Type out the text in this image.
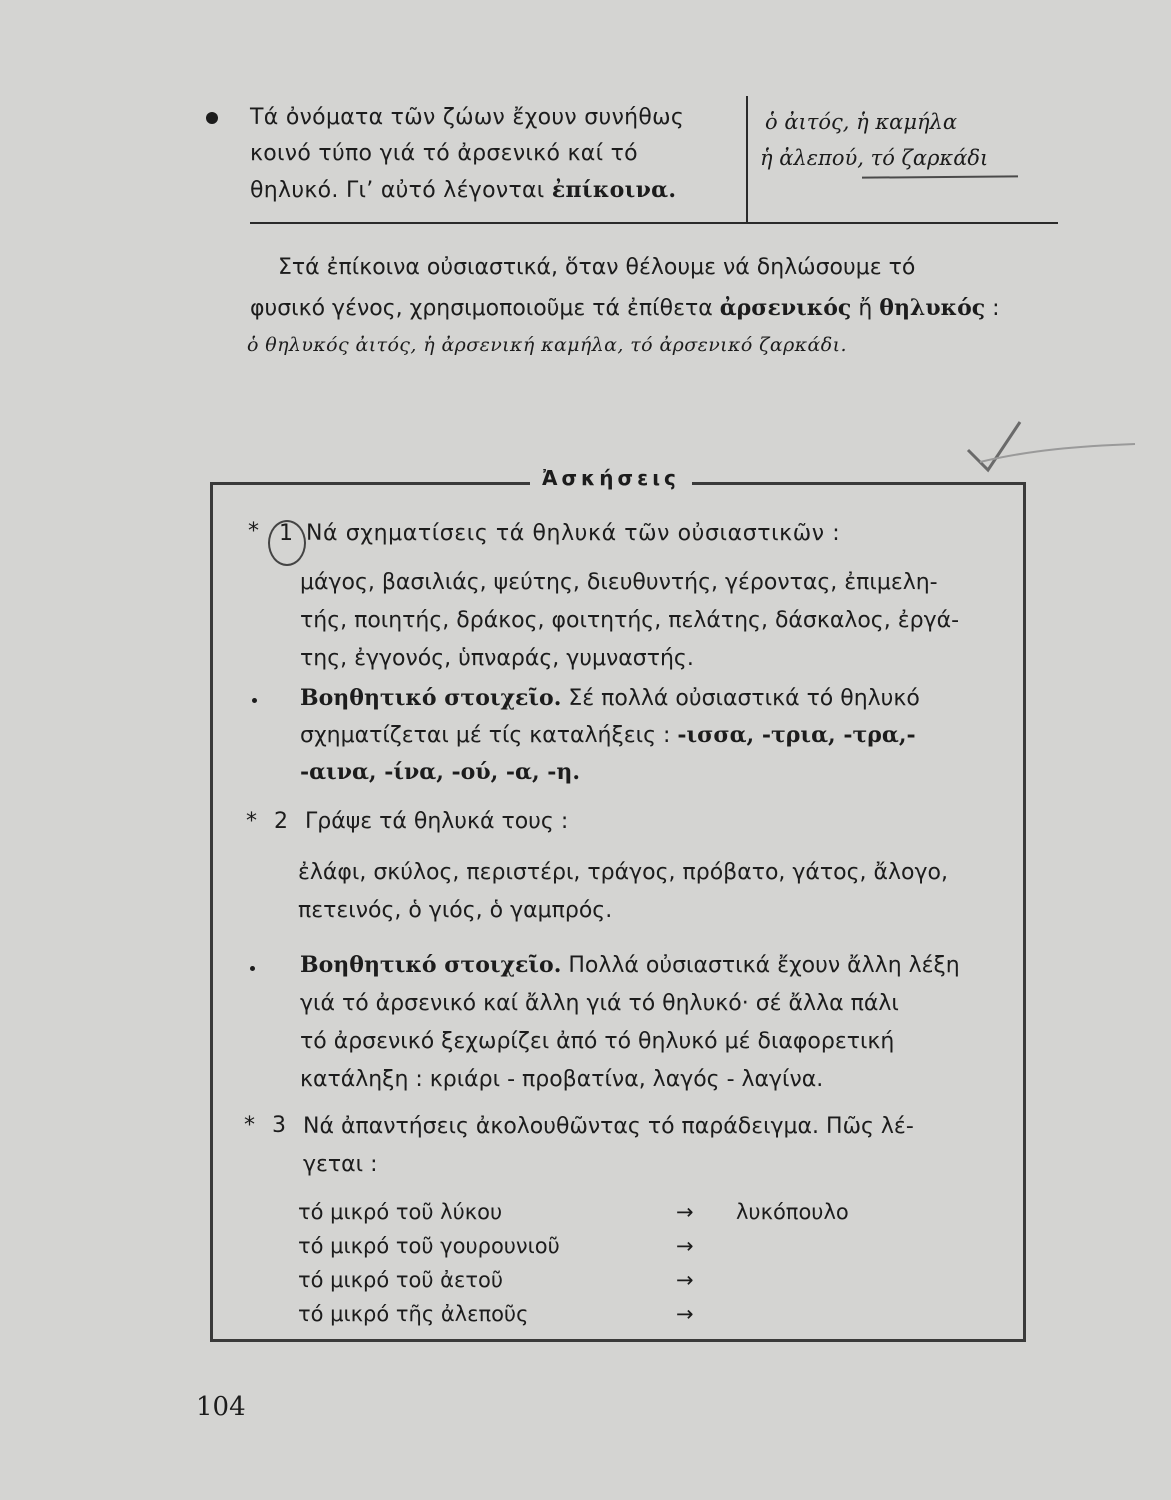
Τά ὀνόματα τῶν ζώων ἔχουν συνήθως
κοινό τύπο γιά τό ἀρσενικό καί τό
θηλυκό. Γι’ αὐτό λέγονται ἐπίκοινα.
ὁ ἀιτός, ἡ καμήλα
ἡ ἀλεπού, τό ζαρκάδι
Στά ἐπίκοινα οὐσιαστικά, ὅταν θέλουμε νά δηλώσουμε τό
φυσικό γένος, χρησιμοποιοῦμε τά ἐπίθετα ἀρσενικός ἤ θηλυκός :
ὁ θηλυκός ἀιτός, ἡ ἀρσενική καμήλα, τό ἀρσενικό ζαρκάδι.
Ἀσκήσεις
* 1 Νά σχηματίσεις τά θηλυκά τῶν οὐσιαστικῶν :
μάγος, βασιλιάς, ψεύτης, διευθυντής, γέροντας, ἐπιμελη-
τής, ποιητής, δράκος, φοιτητής, πελάτης, δάσκαλος, ἐργά-
της, ἐγγονός, ὑπναράς, γυμναστής.
Βοηθητικό στοιχεῖο. Σέ πολλά οὐσιαστικά τό θηλυκό
σχηματίζεται μέ τίς καταλήξεις : -ισσα, -τρια, -τρα,-
-αινα, -ίνα, -ού, -α, -η.
* 2 Γράψε τά θηλυκά τους :
ἐλάφι, σκύλος, περιστέρι, τράγος, πρόβατο, γάτος, ἄλογο,
πετεινός, ὁ γιός, ὁ γαμπρός.
Βοηθητικό στοιχεῖο. Πολλά οὐσιαστικά ἔχουν ἄλλη λέξη
γιά τό ἀρσενικό καί ἄλλη γιά τό θηλυκό· σέ ἄλλα πάλι
τό ἀρσενικό ξεχωρίζει ἀπό τό θηλυκό μέ διαφορετική
κατάληξη : κριάρι - προβατίνα, λαγός - λαγίνα.
* 3 Νά ἀπαντήσεις ἀκολουθῶντας τό παράδειγμα. Πῶς λέ-
γεται :
τό μικρό τοῦ λύκου	→ λυκόπουλο
τό μικρό τοῦ γουρουνιοῦ	→
τό μικρό τοῦ ἀετοῦ	→
τό μικρό τῆς ἀλεποῦς	→
104
